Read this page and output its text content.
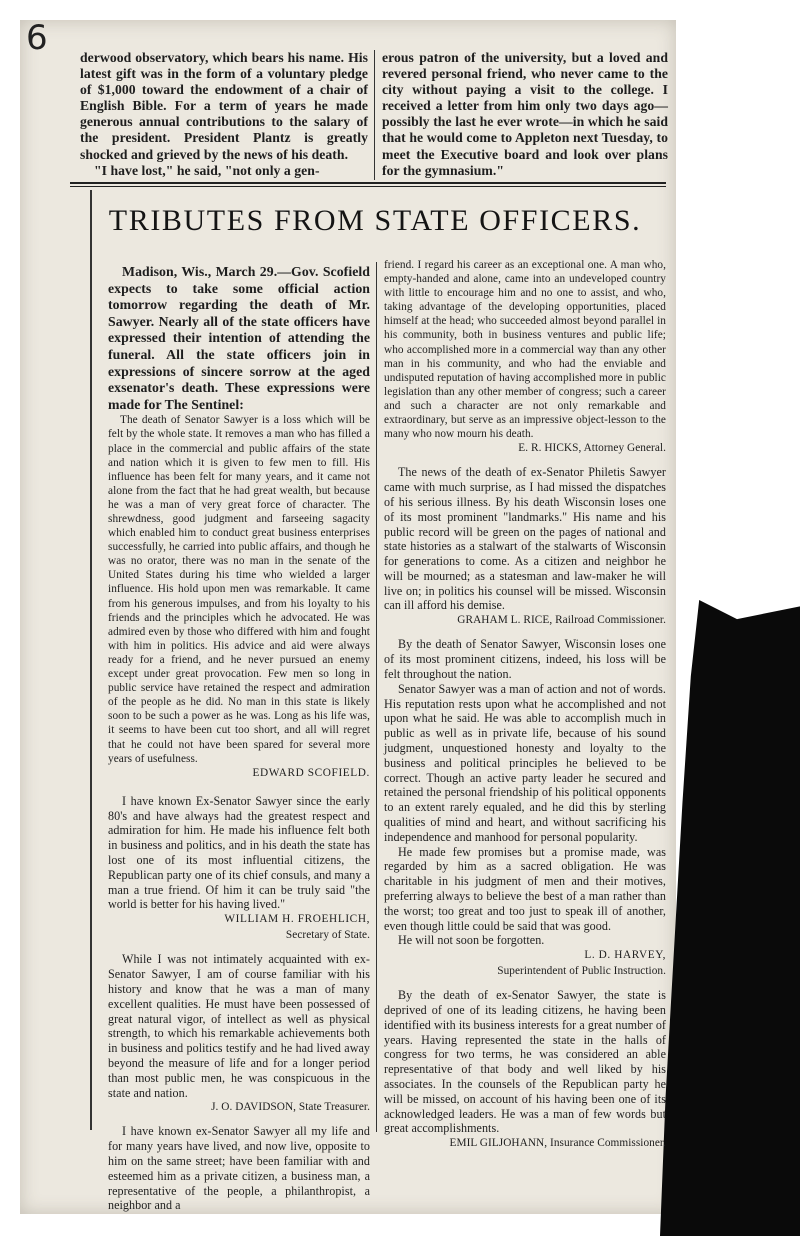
6 derwood observatory, which bears his name. His latest gift was in the form of a voluntary pledge of $1,000 toward the endowment of a chair of English Bible. For a term of years he made generous annual contributions to the salary of the president. President Plantz is greatly shocked and grieved by the news of his death.

"I have lost," he said, "not only a gen-

erous patron of the university, but a loved and revered personal friend, who never came to the city without paying a visit to the college. I received a letter from him only two days ago—possibly the last he ever wrote—in which he said that he would come to Appleton next Tuesday, to meet the Executive board and look over plans for the gymnasium."

TRIBUTES FROM STATE OFFICERS.

Madison, Wis., March 29.—Gov. Scofield expects to take some official action tomorrow regarding the death of Mr. Sawyer. Nearly all of the state officers have expressed their intention of attending the funeral. All the state officers join in expressions of sincere sorrow at the aged exsenator's death. These expressions were made for The Sentinel:

The death of Senator Sawyer is a loss which will be felt by the whole state. It removes a man who has filled a place in the commercial and public affairs of the state and nation which it is given to few men to fill. His influence has been felt for many years, and it came not alone from the fact that he had great wealth, but because he was a man of very great force of character. The shrewdness, good judgment and farseeing sagacity which enabled him to conduct great business enterprises successfully, he carried into public affairs, and though he was no orator, there was no man in the senate of the United States during his time who wielded a larger influence. His hold upon men was remarkable. It came from his generous impulses, and from his loyalty to his friends and the principles which he advocated. He was admired even by those who differed with him and fought with him in politics. His advice and aid were always ready for a friend, and he never pursued an enemy except under great provocation. Few men so long in public service have retained the respect and admiration of the people as he did. No man in this state is likely soon to be such a power as he was. Long as his life was, it seems to have been cut too short, and all will regret that he could not have been spared for several more years of usefulness.

EDWARD SCOFIELD.

I have known Ex-Senator Sawyer since the early 80's and have always had the greatest respect and admiration for him. He made his influence felt both in business and politics, and in his death the state has lost one of its most influential citizens, the Republican party one of its chief consuls, and many a man a true friend. Of him it can be truly said "the world is better for his having lived."

WILLIAM H. FROEHLICH,

Secretary of State.

While I was not intimately acquainted with ex-Senator Sawyer, I am of course familiar with his history and know that he was a man of many excellent qualities. He must have been possessed of great natural vigor, of intellect as well as physical strength, to which his remarkable achievements both in business and politics testify and he had lived away beyond the measure of life and for a longer period than most public men, he was conspicuous in the state and nation.

J. O. DAVIDSON, State Treasurer.

I have known ex-Senator Sawyer all my life and for many years have lived, and now live, opposite to him on the same street; have been familiar with and esteemed him as a private citizen, a business man, a representative of the people, a philanthropist, a neighbor and a

friend. I regard his career as an exceptional one. A man who, empty-handed and alone, came into an undeveloped country with little to encourage him and no one to assist, and who, taking advantage of the developing opportunities, placed himself at the head; who succeeded almost beyond parallel in his community, both in business ventures and public life; who accomplished more in a commercial way than any other man in his community, and who had the enviable and undisputed reputation of having accomplished more in public legislation than any other member of congress; such a career and such a character are not only remarkable and extraordinary, but serve as an impressive object-lesson to the many who now mourn his death.

E. R. HICKS, Attorney General.

The news of the death of ex-Senator Philetis Sawyer came with much surprise, as I had missed the dispatches of his serious illness. By his death Wisconsin loses one of its most prominent "landmarks." His name and his public record will be green on the pages of national and state histories as a stalwart of the stalwarts of Wisconsin for generations to come. As a citizen and neighbor he will be mourned; as a statesman and law-maker he will live on; in politics his counsel will be missed. Wisconsin can ill afford his demise.

GRAHAM L. RICE, Railroad Commissioner.

By the death of Senator Sawyer, Wisconsin loses one of its most prominent citizens, indeed, his loss will be felt throughout the nation.

Senator Sawyer was a man of action and not of words. His reputation rests upon what he accomplished and not upon what he said. He was able to accomplish much in public as well as in private life, because of his sound judgment, unquestioned honesty and loyalty to the business and political principles he believed to be correct. Though an active party leader he secured and retained the personal friendship of his political opponents to an extent rarely equaled, and he did this by sterling qualities of mind and heart, and without sacrificing his independence and manhood for personal popularity.

He made few promises but a promise made, was regarded by him as a sacred obligation. He was charitable in his judgment of men and their motives, preferring always to believe the best of a man rather than the worst; too great and too just to speak ill of another, even though little could be said that was good.

He will not soon be forgotten.

L. D. HARVEY,

Superintendent of Public Instruction.

By the death of ex-Senator Sawyer, the state is deprived of one of its leading citizens, he having been identified with its business interests for a great number of years. Having represented the state in the halls of congress for two terms, he was considered an able representative of that body and well liked by his associates. In the counsels of the Republican party he will be missed, on account of his having been one of its acknowledged leaders. He was a man of few words but great accomplishments.

EMIL GILJOHANN, Insurance Commissioner.
